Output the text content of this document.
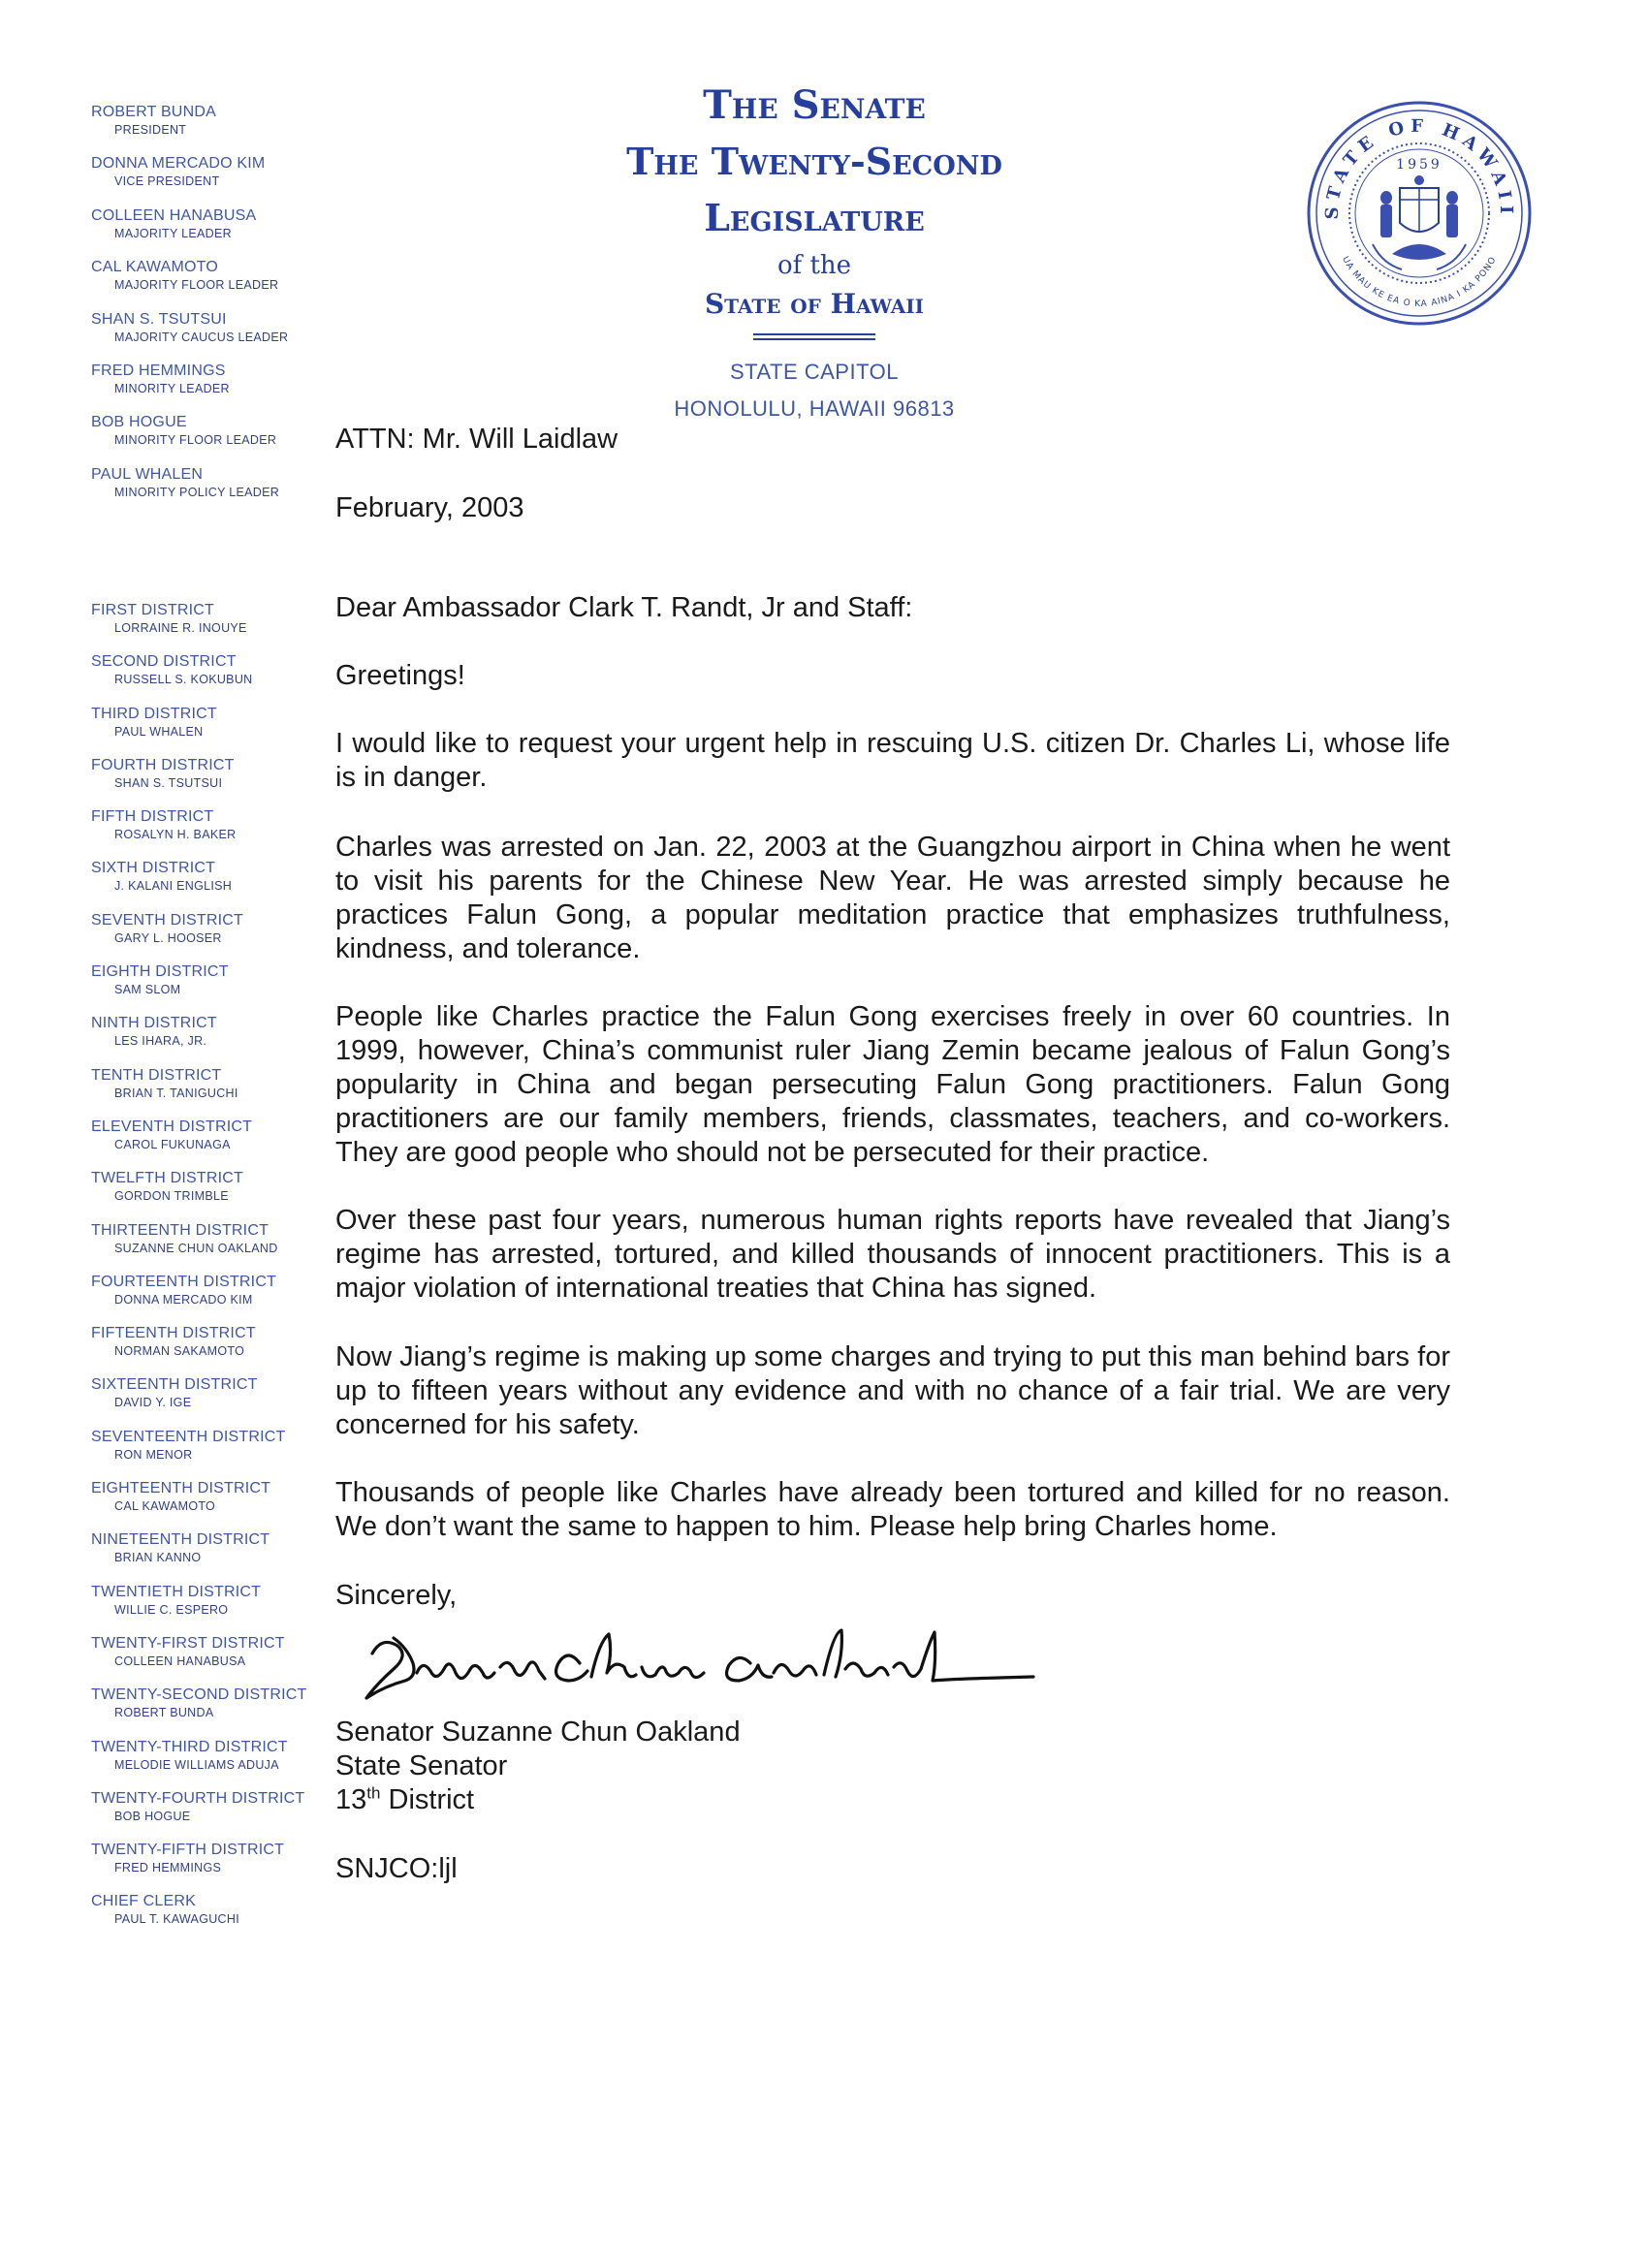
ROBERT BUNDA
PRESIDENT
DONNA MERCADO KIM
VICE PRESIDENT
COLLEEN HANABUSA
MAJORITY LEADER
CAL KAWAMOTO
MAJORITY FLOOR LEADER
SHAN S. TSUTSUI
MAJORITY CAUCUS LEADER
FRED HEMMINGS
MINORITY LEADER
BOB HOGUE
MINORITY FLOOR LEADER
PAUL WHALEN
MINORITY POLICY LEADER
FIRST DISTRICT
LORRAINE R. INOUYE
SECOND DISTRICT
RUSSELL S. KOKUBUN
THIRD DISTRICT
PAUL WHALEN
FOURTH DISTRICT
SHAN S. TSUTSUI
FIFTH DISTRICT
ROSALYN H. BAKER
SIXTH DISTRICT
J. KALANI ENGLISH
SEVENTH DISTRICT
GARY L. HOOSER
EIGHTH DISTRICT
SAM SLOM
NINTH DISTRICT
LES IHARA, JR.
TENTH DISTRICT
BRIAN T. TANIGUCHI
ELEVENTH DISTRICT
CAROL FUKUNAGA
TWELFTH DISTRICT
GORDON TRIMBLE
THIRTEENTH DISTRICT
SUZANNE CHUN OAKLAND
FOURTEENTH DISTRICT
DONNA MERCADO KIM
FIFTEENTH DISTRICT
NORMAN SAKAMOTO
SIXTEENTH DISTRICT
DAVID Y. IGE
SEVENTEENTH DISTRICT
RON MENOR
EIGHTEENTH DISTRICT
CAL KAWAMOTO
NINETEENTH DISTRICT
BRIAN KANNO
TWENTIETH DISTRICT
WILLIE C. ESPERO
TWENTY-FIRST DISTRICT
COLLEEN HANABUSA
TWENTY-SECOND DISTRICT
ROBERT BUNDA
TWENTY-THIRD DISTRICT
MELODIE WILLIAMS ADUJA
TWENTY-FOURTH DISTRICT
BOB HOGUE
TWENTY-FIFTH DISTRICT
FRED HEMMINGS
CHIEF CLERK
PAUL T. KAWAGUCHI
The Senate
The Twenty-Second Legislature
of the
State of Hawaii
STATE CAPITOL
HONOLULU, HAWAII 96813
STATE OF HAWAII
UA MAU KE EA O KA AINA I KA PONO
1959
ATTN: Mr. Will Laidlaw
February, 2003
Dear Ambassador Clark T. Randt, Jr and Staff:
Greetings!
I would like to request your urgent help in rescuing U.S. citizen Dr. Charles Li, whose life is in danger.
Charles was arrested on Jan. 22, 2003 at the Guangzhou airport in China when he went to visit his parents for the Chinese New Year. He was arrested simply because he practices Falun Gong, a popular meditation practice that emphasizes truthfulness, kindness, and tolerance.
People like Charles practice the Falun Gong exercises freely in over 60 countries. In 1999, however, China’s communist ruler Jiang Zemin became jealous of Falun Gong’s popularity in China and began persecuting Falun Gong practitioners. Falun Gong practitioners are our family members, friends, classmates, teachers, and co-workers. They are good people who should not be persecuted for their practice.
Over these past four years, numerous human rights reports have revealed that Jiang’s regime has arrested, tortured, and killed thousands of innocent practitioners. This is a major violation of international treaties that China has signed.
Now Jiang’s regime is making up some charges and trying to put this man behind bars for up to fifteen years without any evidence and with no chance of a fair trial. We are very concerned for his safety.
Thousands of people like Charles have already been tortured and killed for no reason. We don’t want the same to happen to him. Please help bring Charles home.
Sincerely,
Senator Suzanne Chun Oakland
State Senator
13th District
SNJCO:ljl
